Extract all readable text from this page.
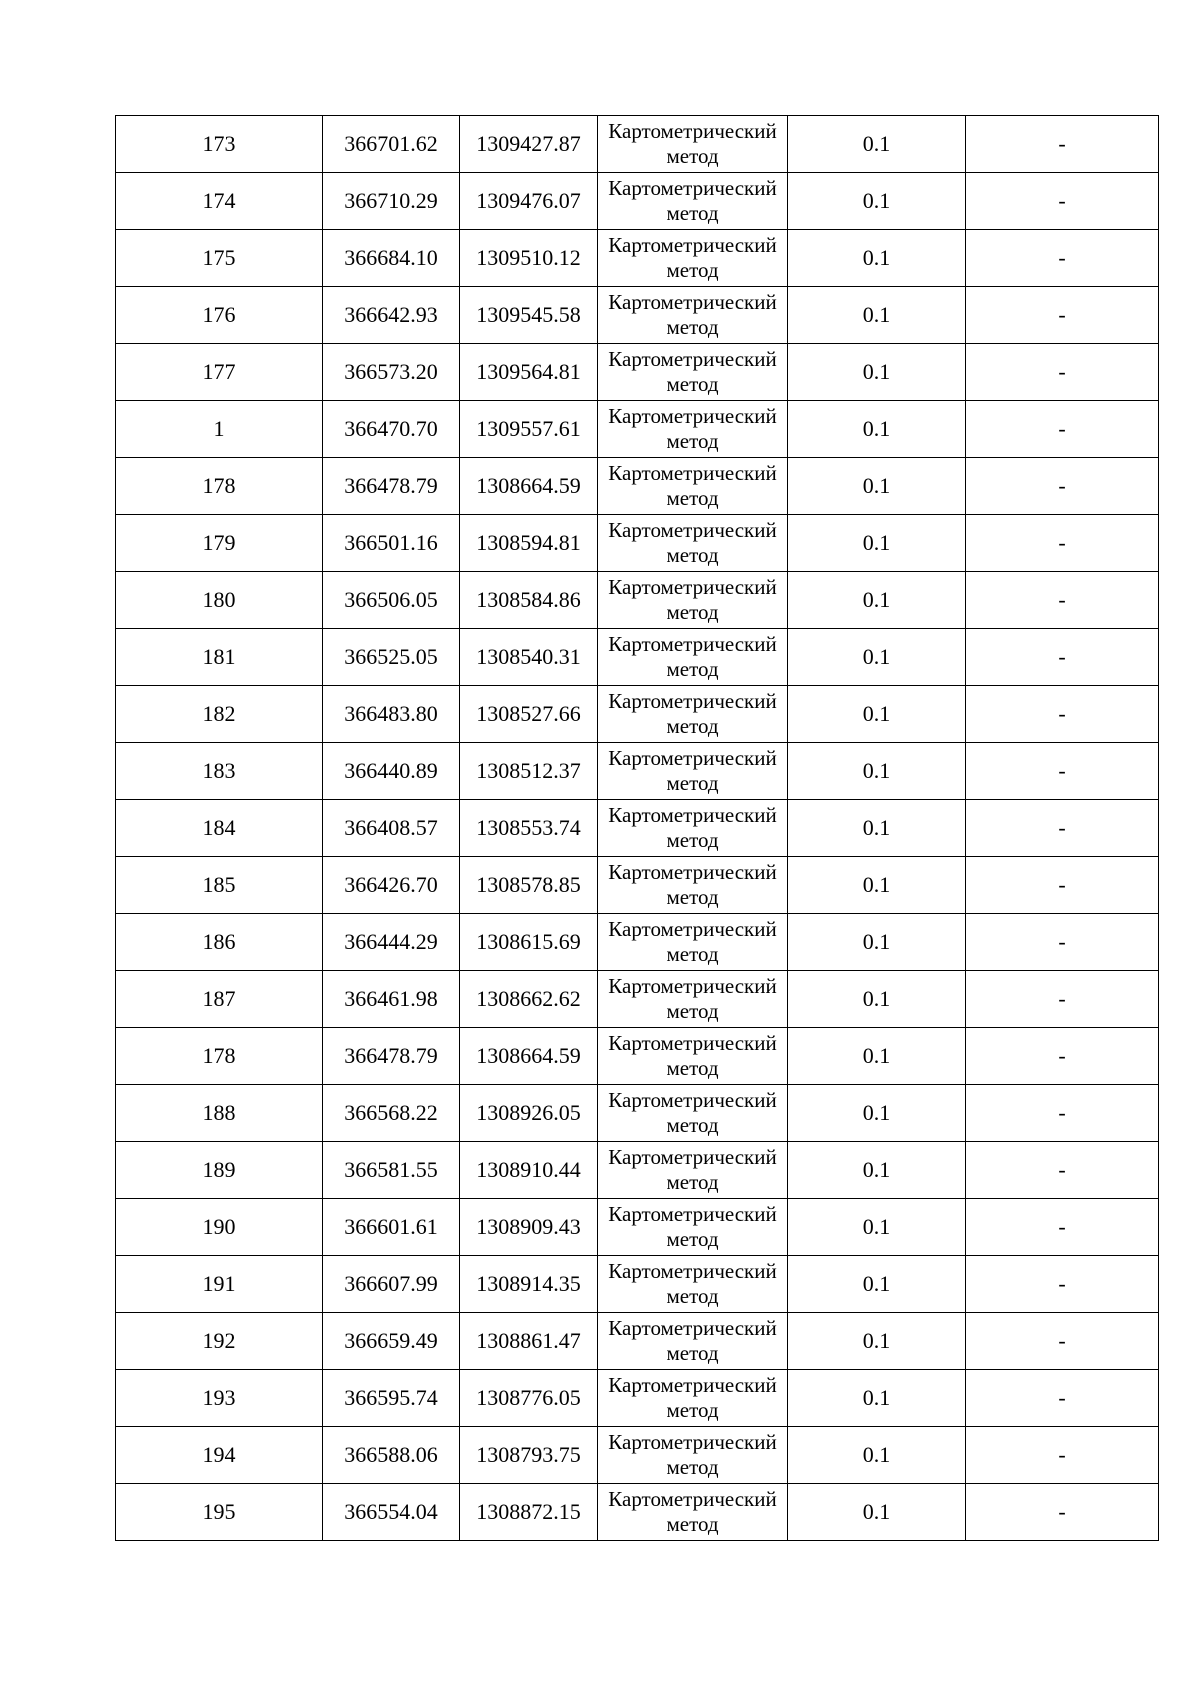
173	366701.62	1309427.87	Картометрический метод	0.1	-
174	366710.29	1309476.07	Картометрический метод	0.1	-
175	366684.10	1309510.12	Картометрический метод	0.1	-
176	366642.93	1309545.58	Картометрический метод	0.1	-
177	366573.20	1309564.81	Картометрический метод	0.1	-
1	366470.70	1309557.61	Картометрический метод	0.1	-
178	366478.79	1308664.59	Картометрический метод	0.1	-
179	366501.16	1308594.81	Картометрический метод	0.1	-
180	366506.05	1308584.86	Картометрический метод	0.1	-
181	366525.05	1308540.31	Картометрический метод	0.1	-
182	366483.80	1308527.66	Картометрический метод	0.1	-
183	366440.89	1308512.37	Картометрический метод	0.1	-
184	366408.57	1308553.74	Картометрический метод	0.1	-
185	366426.70	1308578.85	Картометрический метод	0.1	-
186	366444.29	1308615.69	Картометрический метод	0.1	-
187	366461.98	1308662.62	Картометрический метод	0.1	-
178	366478.79	1308664.59	Картометрический метод	0.1	-
188	366568.22	1308926.05	Картометрический метод	0.1	-
189	366581.55	1308910.44	Картометрический метод	0.1	-
190	366601.61	1308909.43	Картометрический метод	0.1	-
191	366607.99	1308914.35	Картометрический метод	0.1	-
192	366659.49	1308861.47	Картометрический метод	0.1	-
193	366595.74	1308776.05	Картометрический метод	0.1	-
194	366588.06	1308793.75	Картометрический метод	0.1	-
195	366554.04	1308872.15	Картометрический метод	0.1	-
